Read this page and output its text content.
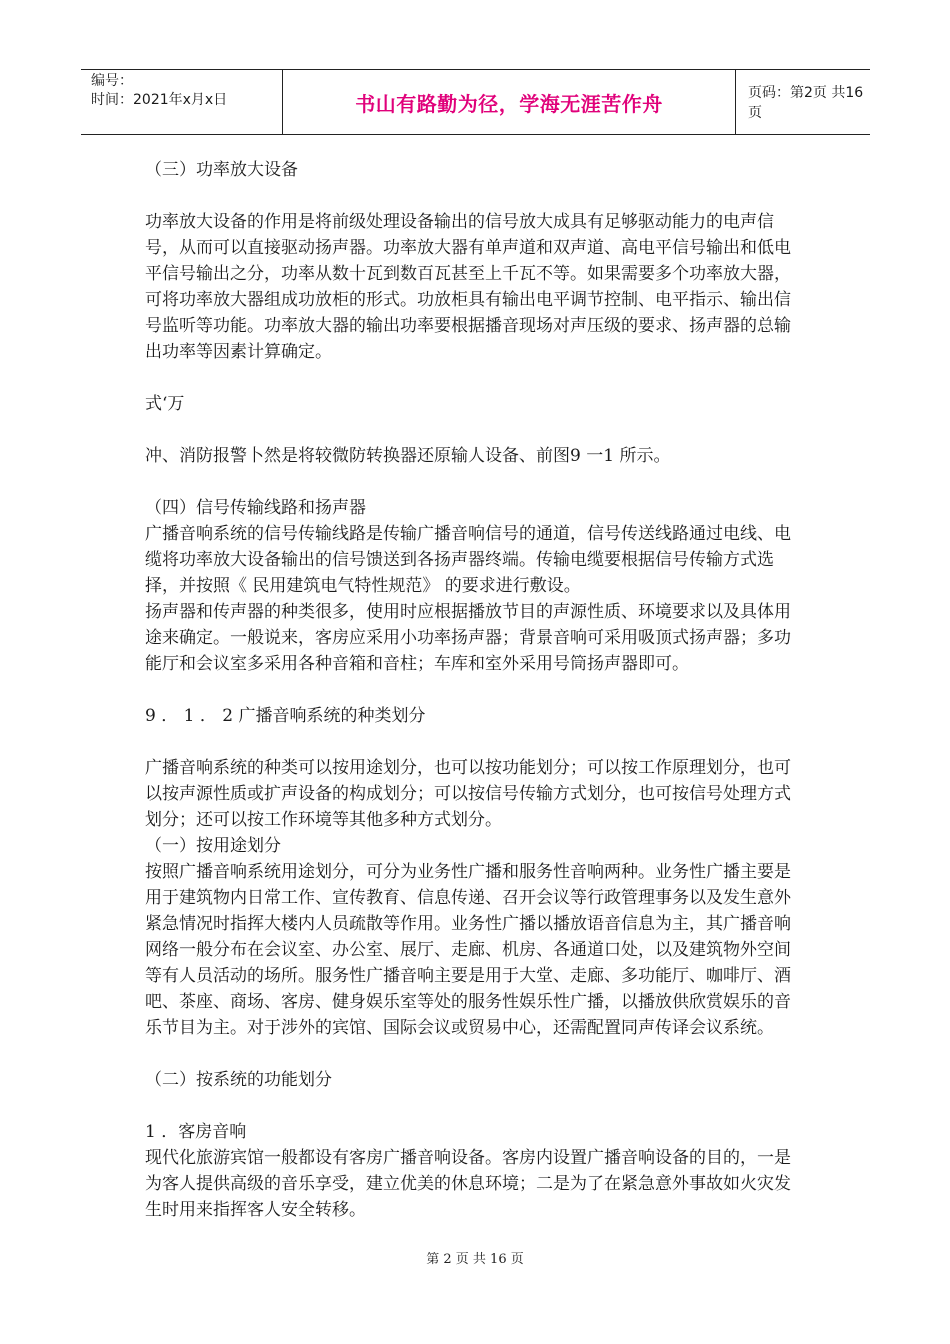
编号：
时间：2021年x月x日	书山有路勤为径，学海无涯苦作舟	页码：第2页 共16页

（三）功率放大设备

功率放大设备的作用是将前级处理设备输出的信号放大成具有足够驱动能力的电声信号，从而可以直接驱动扬声器。功率放大器有单声道和双声道、高电平信号输出和低电平信号输出之分，功率从数十瓦到数百瓦甚至上千瓦不等。如果需要多个功率放大器，可将功率放大器组成功放柜的形式。功放柜具有输出电平调节控制、电平指示、输出信号监听等功能。功率放大器的输出功率要根据播音现场对声压级的要求、扬声器的总输出功率等因素计算确定。

式‘万

冲、消防报警卜然是将较微防转换器还原输人设备、前图9 一1 所示。

（四）信号传输线路和扬声器

广播音响系统的信号传输线路是传输广播音响信号的通道，信号传送线路通过电线、电缆将功率放大设备输出的信号馈送到各扬声器终端。传输电缆要根据信号传输方式选择，并按照《 民用建筑电气特性规范》 的要求进行敷设。

扬声器和传声器的种类很多，使用时应根据播放节目的声源性质、环境要求以及具体用途来确定。一般说来，客房应采用小功率扬声器；背景音响可采用吸顶式扬声器；多功能厅和会议室多采用各种音箱和音柱；车库和室外采用号筒扬声器即可。

9 ． 1 ． 2 广播音响系统的种类划分

广播音响系统的种类可以按用途划分，也可以按功能划分；可以按工作原理划分，也可以按声源性质或扩声设备的构成划分；可以按信号传输方式划分，也可按信号处理方式划分；还可以按工作环境等其他多种方式划分。

（一）按用途划分

按照广播音响系统用途划分，可分为业务性广播和服务性音响两种。业务性广播主要是用于建筑物内日常工作、宣传教育、信息传递、召开会议等行政管理事务以及发生意外紧急情况时指挥大楼内人员疏散等作用。业务性广播以播放语音信息为主，其广播音响网络一般分布在会议室、办公室、展厅、走廊、机房、各通道口处，以及建筑物外空间等有人员活动的场所。服务性广播音响主要是用于大堂、走廊、多功能厅、咖啡厅、酒吧、茶座、商场、客房、健身娱乐室等处的服务性娱乐性广播，以播放供欣赏娱乐的音乐节目为主。对于涉外的宾馆、国际会议或贸易中心，还需配置同声传译会议系统。

（二）按系统的功能划分

1 ．客房音响

现代化旅游宾馆一般都设有客房广播音响设备。客房内设置广播音响设备的目的，一是为客人提供高级的音乐享受，建立优美的休息环境；二是为了在紧急意外事故如火灾发生时用来指挥客人安全转移。

第 2 页 共 16 页
